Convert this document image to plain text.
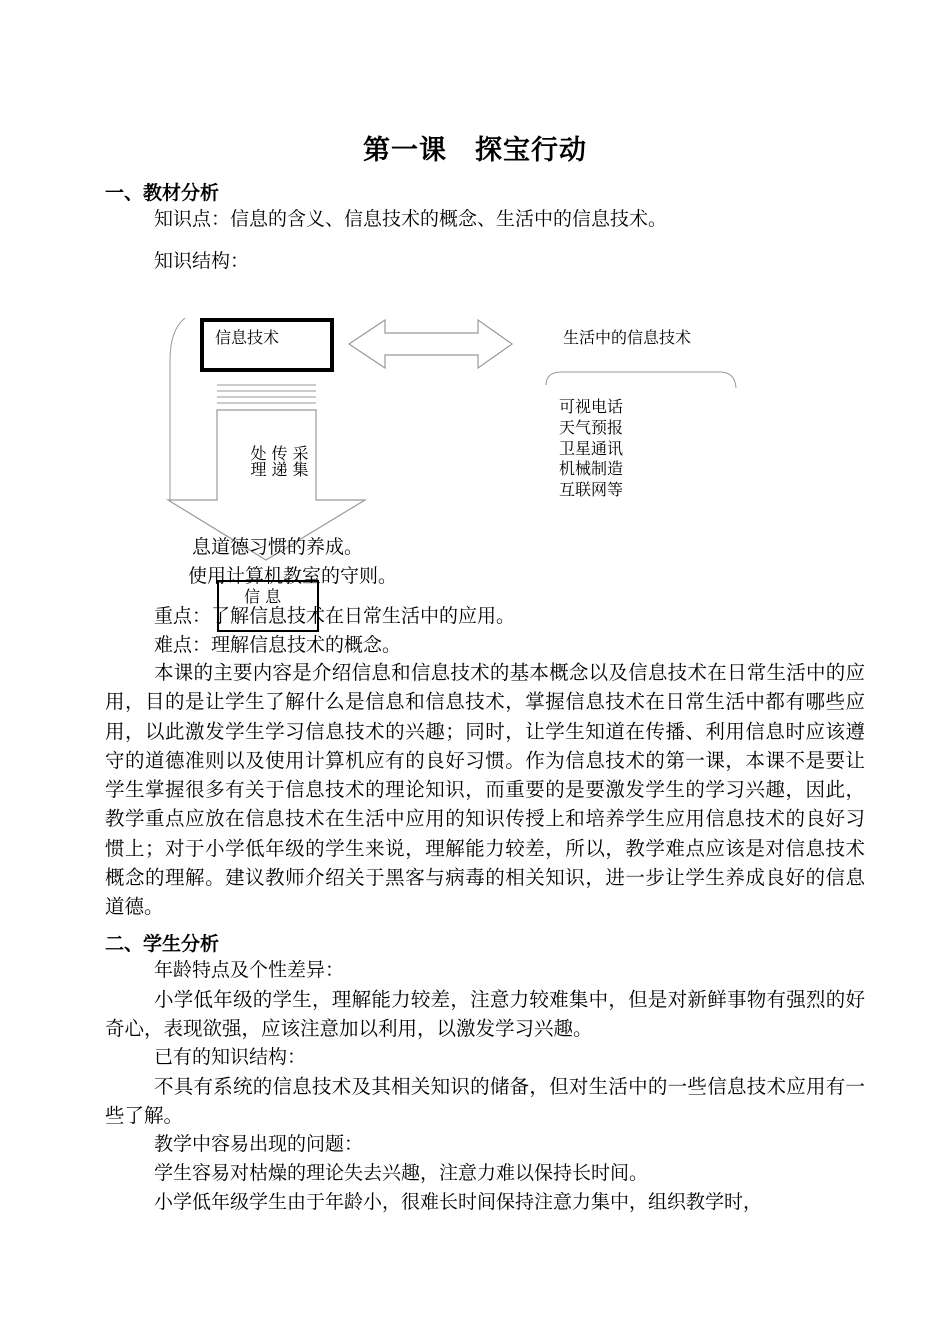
第一课　探宝行动
一、教材分析
知识点：信息的含义、信息技术的概念、生活中的信息技术。
知识结构：
信息技术	生活中的信息技术
可视电话
天气预报
卫星通讯
机械制造
互联网等
采集
传递
处理
息道德习惯的养成。
使用计算机教室的守则。
信 息
重点：了解信息技术在日常生活中的应用。
难点：理解信息技术的概念。
本课的主要内容是介绍信息和信息技术的基本概念以及信息技术在日常生活中的应用，目的是让学生了解什么是信息和信息技术，掌握信息技术在日常生活中都有哪些应用，以此激发学生学习信息技术的兴趣；同时，让学生知道在传播、利用信息时应该遵守的道德准则以及使用计算机应有的良好习惯。作为信息技术的第一课，本课不是要让学生掌握很多有关于信息技术的理论知识，而重要的是要激发学生的学习兴趣，因此，教学重点应放在信息技术在生活中应用的知识传授上和培养学生应用信息技术的良好习惯上；对于小学低年级的学生来说，理解能力较差，所以，教学难点应该是对信息技术概念的理解。建议教师介绍关于黑客与病毒的相关知识，进一步让学生养成良好的信息道德。
二、学生分析
年龄特点及个性差异：
小学低年级的学生，理解能力较差，注意力较难集中，但是对新鲜事物有强烈的好奇心，表现欲强，应该注意加以利用，以激发学习兴趣。
已有的知识结构：
不具有系统的信息技术及其相关知识的储备，但对生活中的一些信息技术应用有一些了解。
教学中容易出现的问题：
学生容易对枯燥的理论失去兴趣，注意力难以保持长时间。
小学低年级学生由于年龄小，很难长时间保持注意力集中，组织教学时，
